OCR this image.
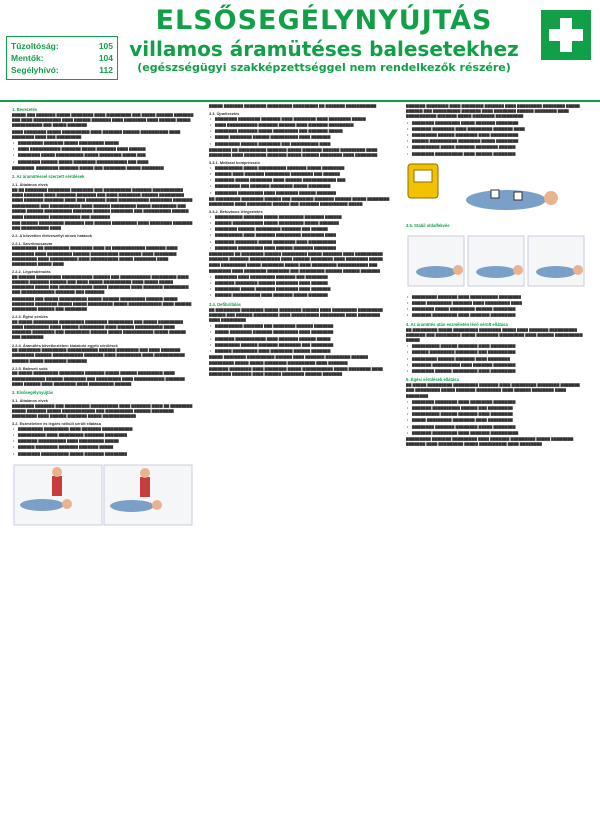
Tűzoltóság:	105
Mentők:	104
Segélyhívó:	112
ELSŐSEGÉLYNYÚJTÁS
villamos áramütéses balesetekhez
(egészségügyi szakképzettséggel nem rendelkezők részére)
1. Bevezetés
▇▇▇▇▇ ▇▇▇ ▇▇▇▇▇▇▇ ▇▇▇▇▇ ▇▇▇▇▇▇▇▇ ▇▇▇▇ ▇▇▇▇▇▇▇▇▇ ▇▇▇ ▇▇▇▇▇ ▇▇▇▇▇▇ ▇▇▇▇▇▇▇ ▇▇▇ ▇▇▇▇ ▇▇▇▇▇▇▇▇▇▇ ▇▇▇▇ ▇▇▇▇▇▇ ▇▇▇▇▇▇▇ ▇▇▇▇ ▇▇▇▇▇▇▇▇ ▇▇▇▇ ▇▇▇▇▇▇ ▇▇▇▇▇ ▇▇▇▇▇▇▇▇▇▇▇ ▇▇▇ ▇▇▇▇▇ ▇▇▇▇▇▇▇
▇▇▇▇ ▇▇▇▇▇▇▇▇ ▇▇▇▇▇ ▇▇▇▇▇▇▇▇▇▇ ▇▇▇▇ ▇▇▇▇▇▇▇ ▇▇▇▇▇▇ ▇▇▇▇▇▇▇▇▇▇ ▇▇▇▇ ▇▇▇▇▇▇▇▇ ▇▇▇▇ ▇▇▇ ▇▇▇▇▇▇▇▇▇
• ▇▇▇▇▇▇▇▇▇ ▇▇▇▇▇▇▇ ▇▇▇▇▇ ▇▇▇▇▇▇▇▇▇ ▇▇▇▇▇
• ▇▇▇▇ ▇▇▇▇▇▇▇▇▇▇▇ ▇▇▇▇▇▇▇ ▇▇▇▇▇ ▇▇▇▇▇▇▇ ▇▇▇▇ ▇▇▇▇▇▇
• ▇▇▇▇▇▇▇▇ ▇▇▇▇▇ ▇▇▇▇▇▇▇▇▇▇ ▇▇▇▇▇ ▇▇▇▇▇▇▇▇ ▇▇▇▇▇ ▇▇▇
• ▇▇▇▇▇▇▇▇ ▇▇▇▇▇▇ ▇▇▇▇▇ ▇▇▇▇▇▇▇▇ ▇▇▇▇▇▇▇▇▇▇▇ ▇▇▇ ▇▇▇▇
▇▇▇▇▇▇▇▇: ▇▇▇▇▇▇▇▇ ▇▇▇▇▇▇▇ ▇▇▇▇▇ ▇▇▇ ▇▇▇▇▇▇▇▇ ▇▇▇▇▇ ▇▇▇▇▇▇▇▇
2. Az áramütéssel szerzett sérülések
2.1. Általános elvek
▇▇ ▇▇ ▇▇▇▇▇▇▇▇ ▇▇▇▇▇▇▇▇ ▇▇▇▇▇▇▇▇ ▇▇▇ ▇▇▇▇▇▇▇▇▇▇ ▇▇▇▇▇▇▇ ▇▇▇▇▇▇▇▇▇▇▇ ▇▇▇▇ ▇▇▇▇▇▇▇ ▇▇▇▇ ▇▇▇▇▇▇▇ ▇▇▇▇▇▇▇ ▇▇▇ ▇▇▇▇ ▇▇▇▇▇▇▇▇ ▇▇▇▇▇▇ ▇▇▇▇▇▇▇▇▇ ▇▇▇▇ ▇▇▇▇▇▇▇ ▇▇▇▇▇▇▇ ▇▇▇▇ ▇▇▇ ▇▇▇▇▇▇▇ ▇▇▇▇ ▇▇▇▇▇▇▇▇▇▇▇ ▇▇▇▇▇▇▇▇ ▇▇▇▇▇▇▇
▇▇▇▇▇▇▇▇▇▇ ▇▇▇ ▇▇▇▇▇▇▇▇▇▇▇ ▇▇▇▇ ▇▇▇▇▇▇ ▇▇▇▇▇▇▇▇▇ ▇▇▇▇▇ ▇▇▇▇▇▇▇▇▇ ▇▇▇ ▇▇▇▇▇ ▇▇▇▇▇▇ ▇▇▇▇▇▇▇▇▇▇ ▇▇▇▇▇▇▇ ▇▇▇▇▇▇ ▇▇▇▇▇▇▇▇ ▇▇▇ ▇▇▇▇▇▇▇▇▇▇ ▇▇▇▇▇▇ ▇▇▇▇ ▇▇▇▇▇▇▇▇▇ ▇▇▇▇▇▇▇▇▇▇▇ ▇▇▇ ▇▇▇▇▇▇▇
▇▇▇ ▇▇▇▇▇▇ ▇▇▇▇▇▇▇▇▇ ▇▇▇▇▇▇▇ ▇▇▇ ▇▇▇▇▇▇ ▇▇▇▇▇▇▇▇▇ ▇▇▇▇ ▇▇▇▇▇▇▇▇ ▇▇▇▇▇▇▇ ▇▇▇ ▇▇▇▇▇▇▇▇▇▇ ▇▇▇▇
2.2. A közvetlen életveszélyt okozó hatások
2.2.1. Szívritmuszavar
▇▇▇▇▇▇▇▇▇ ▇▇ ▇▇▇▇▇▇▇▇▇ ▇▇▇▇▇▇▇▇ ▇▇▇▇ ▇▇ ▇▇▇▇▇▇▇▇▇▇▇▇ ▇▇▇▇▇▇▇ ▇▇▇▇ ▇▇▇▇▇▇▇▇ ▇▇▇▇ ▇▇▇▇▇▇▇▇▇ ▇▇▇▇▇▇ ▇▇▇▇▇▇▇▇▇▇ ▇▇▇▇▇▇▇▇ ▇▇▇▇ ▇▇▇▇▇▇▇▇ ▇▇▇▇▇▇▇▇▇ ▇▇▇▇ ▇▇▇▇▇▇▇▇▇▇ ▇▇▇▇ ▇▇▇▇▇▇▇▇▇▇ ▇▇▇▇▇ ▇▇▇▇▇▇▇▇ ▇▇▇▇ ▇▇▇▇▇▇▇▇▇ ▇▇▇▇▇ ▇▇▇▇
2.2.2. Légzésbénulás
▇▇ ▇▇▇▇▇▇ ▇▇▇▇▇▇▇▇▇ ▇▇▇▇▇▇▇▇▇▇▇ ▇▇▇▇▇▇ ▇▇▇ ▇▇▇▇▇▇▇▇▇▇▇ ▇▇▇▇▇▇▇▇▇ ▇▇▇▇ ▇▇▇▇▇▇ ▇▇▇▇▇▇▇ ▇▇▇▇▇▇ ▇▇▇ ▇▇▇▇ ▇▇▇▇▇ ▇▇▇▇▇▇▇▇▇▇ ▇▇▇▇ ▇▇▇▇▇ ▇▇▇▇▇ ▇▇▇▇▇▇▇▇ ▇▇▇▇▇ ▇▇▇ ▇▇▇▇▇▇▇▇▇▇▇▇ ▇▇▇▇▇ ▇▇▇▇▇▇▇▇ ▇▇▇▇ ▇▇▇▇▇▇▇ ▇▇▇▇▇▇▇▇▇ ▇▇▇ ▇▇▇▇▇▇▇▇▇▇▇▇ ▇▇▇▇▇▇▇ ▇▇▇ ▇▇▇▇▇▇▇
▇▇▇▇▇▇▇▇ ▇▇▇ ▇▇▇▇▇ ▇▇▇▇▇▇▇▇▇▇ ▇▇▇▇▇ ▇▇▇▇▇▇ ▇▇▇▇▇▇▇▇▇ ▇▇▇▇▇▇ ▇▇▇▇▇ ▇▇▇▇▇▇▇▇ ▇▇▇▇▇▇▇▇ ▇▇▇▇▇ ▇▇▇▇▇ ▇▇▇▇▇▇▇▇▇ ▇▇▇▇▇ ▇▇▇▇▇▇▇▇▇▇▇▇ ▇▇▇▇ ▇▇▇▇▇▇ ▇▇▇▇▇▇▇▇▇ ▇▇▇▇▇▇ ▇▇▇ ▇▇▇▇▇▇▇▇
2.2.3. Égési sérülés
▇▇ ▇▇▇▇▇ ▇▇▇▇▇▇▇▇▇ ▇▇▇▇▇▇▇▇▇ ▇▇▇▇▇▇▇▇ ▇▇▇▇▇▇▇▇▇ ▇▇▇ ▇▇▇▇▇ ▇▇▇▇▇▇▇▇▇ ▇▇▇▇ ▇▇▇▇▇▇▇▇▇ ▇▇▇▇ ▇▇▇▇▇▇ ▇▇▇▇▇▇▇▇▇ ▇▇▇▇ ▇▇▇▇▇▇ ▇▇▇▇▇▇▇▇▇▇ ▇▇▇▇ ▇▇▇▇▇▇▇ ▇▇▇▇▇▇▇▇ ▇▇▇ ▇▇▇▇▇▇▇▇▇ ▇▇▇▇▇▇ ▇▇▇▇▇ ▇▇▇▇▇▇▇▇▇▇▇ ▇▇▇▇▇ ▇▇▇▇▇▇ ▇▇▇ ▇▇▇▇▇▇▇▇
2.2.4. Áramütés következtében kialakuló egyéb sérülések
▇▇ ▇▇▇▇▇▇▇▇ ▇▇▇▇▇▇▇▇▇ ▇▇▇▇▇▇▇▇▇▇▇ ▇▇▇▇▇▇ ▇▇▇▇▇▇▇▇ ▇▇▇ ▇▇▇▇ ▇▇▇▇▇▇▇ ▇▇▇▇▇▇▇▇ ▇▇▇▇▇▇ ▇▇▇▇▇▇▇▇▇▇▇ ▇▇▇▇▇▇▇ ▇▇▇▇ ▇▇▇▇▇▇▇▇▇ ▇▇▇▇ ▇▇▇▇▇▇▇▇▇▇▇ ▇▇▇▇▇▇ ▇▇▇▇▇ ▇▇▇▇▇▇▇▇ ▇▇▇▇▇▇▇
2.2.5. Baleseti sokk
▇▇ ▇▇▇▇▇ ▇▇▇▇▇▇▇▇▇ ▇▇▇▇▇▇▇▇▇ ▇▇▇▇▇▇▇ ▇▇▇▇▇ ▇▇▇▇▇▇ ▇▇▇▇▇▇▇▇▇ ▇▇▇▇ ▇▇▇▇▇▇▇▇▇▇▇▇ ▇▇▇▇▇▇ ▇▇▇▇▇▇▇▇ ▇▇▇ ▇▇▇▇▇▇▇▇▇ ▇▇▇▇ ▇▇▇▇▇▇▇▇▇▇▇ ▇▇▇▇▇▇▇ ▇▇▇▇ ▇▇▇▇▇▇ ▇▇▇▇ ▇▇▇▇▇▇▇▇ ▇▇▇▇ ▇▇▇▇▇▇▇▇▇ ▇▇▇▇▇▇
3. Elsősegélynyújtás
3.1. Általános elvek
▇▇▇▇▇▇▇▇ ▇▇▇▇▇▇▇ ▇▇▇ ▇▇▇▇▇▇▇▇▇ ▇▇▇▇▇▇▇▇▇▇ ▇▇▇▇ ▇▇▇▇▇▇▇ ▇▇▇▇ ▇▇ ▇▇▇▇▇▇▇▇ ▇▇▇▇▇ ▇▇▇▇▇▇▇ ▇▇▇▇▇ ▇▇▇▇▇▇▇▇▇▇▇▇ ▇▇▇ ▇▇▇▇▇▇▇▇▇▇ ▇▇▇▇▇▇ ▇▇▇▇▇▇▇▇ ▇▇▇▇▇▇▇▇▇ ▇▇▇▇ ▇▇▇▇▇▇ ▇▇▇▇▇▇▇ ▇▇▇▇▇ ▇▇▇▇▇▇▇▇▇▇▇▇
3.2. Eszméletlen és légzés nélküli sérült ellátása
• ▇▇▇▇▇▇▇▇▇ ▇▇▇▇▇▇▇▇▇ ▇▇▇▇ ▇▇▇▇▇▇▇ ▇▇▇▇▇▇▇▇▇▇▇
• ▇▇▇▇▇▇▇▇▇▇ ▇▇▇▇ ▇▇▇▇▇▇▇▇▇ ▇▇▇▇▇▇▇ ▇▇▇▇▇▇▇▇
• ▇▇▇▇▇▇▇ ▇▇▇▇▇▇▇▇▇▇ ▇▇▇▇ ▇▇▇▇▇▇▇▇▇ ▇▇▇▇▇
• ▇▇▇▇▇▇ ▇▇▇▇▇▇▇▇ ▇▇▇▇▇▇▇ ▇▇▇▇▇▇▇ ▇▇▇▇▇
• ▇▇▇▇▇▇▇▇ ▇▇▇▇▇▇▇▇▇▇ ▇▇▇▇▇ ▇▇▇▇▇▇▇ ▇▇▇▇▇▇▇▇
▇▇▇▇▇ ▇▇▇▇▇▇▇ ▇▇▇▇▇▇▇▇ ▇▇▇▇▇▇▇▇▇ ▇▇▇▇▇▇▇▇▇ ▇▇ ▇▇▇▇▇▇▇ ▇▇▇▇▇▇▇▇▇▇▇
3.3. Újraélesztés
• ▇▇▇▇▇▇▇▇ ▇▇▇▇▇▇▇▇ ▇▇▇▇▇▇▇ ▇▇▇▇ ▇▇▇▇▇▇▇▇ ▇▇▇▇ ▇▇▇▇▇▇▇▇ ▇▇▇▇▇
• ▇▇▇▇ ▇▇▇▇▇▇▇▇▇▇▇ ▇▇▇▇▇▇▇ ▇▇▇▇▇▇ ▇▇▇▇ ▇▇▇▇▇▇▇ ▇▇▇▇▇▇▇▇▇
• ▇▇▇▇▇▇▇▇ ▇▇▇▇▇▇▇ ▇▇▇▇▇ ▇▇▇▇▇▇▇▇▇ ▇▇▇ ▇▇▇▇▇▇▇ ▇▇▇▇▇
• ▇▇▇▇▇ ▇▇▇▇▇▇▇▇ ▇▇▇▇▇▇ ▇▇▇▇▇▇▇▇▇▇ ▇▇▇▇ ▇▇▇▇▇▇▇
• ▇▇▇▇▇▇▇▇▇ ▇▇▇▇▇▇ ▇▇▇▇▇▇▇▇ ▇▇▇ ▇▇▇▇▇▇▇▇▇▇ ▇▇▇▇
▇▇▇▇▇▇▇▇ ▇▇ ▇▇▇▇▇▇▇▇▇▇ ▇▇▇▇▇▇▇ ▇▇▇▇▇ ▇▇▇▇▇▇▇ ▇▇▇▇▇▇ ▇▇▇▇▇▇▇▇▇ ▇▇▇▇ ▇▇▇▇▇▇▇▇ ▇▇▇▇ ▇▇▇▇▇▇▇▇ ▇▇▇▇▇▇▇ ▇▇▇▇▇ ▇▇▇▇▇▇ ▇▇▇▇▇▇▇▇ ▇▇▇▇ ▇▇▇▇▇▇▇▇
3.3.1. Mellkasi kompresszió
• ▇▇▇▇▇▇▇▇▇▇ ▇▇▇▇▇ ▇▇▇▇▇▇▇▇▇▇ ▇▇▇▇▇▇▇ ▇▇▇▇▇ ▇▇▇▇▇▇▇▇
• ▇▇▇▇▇▇ ▇▇▇▇ ▇▇▇▇▇▇▇ ▇▇▇▇▇▇▇▇▇ ▇▇▇▇▇▇▇▇ ▇▇▇ ▇▇▇▇▇▇
• ▇▇▇▇▇▇▇ ▇▇▇▇▇ ▇▇▇▇▇▇▇▇ ▇▇▇▇ ▇▇▇▇▇▇ ▇▇▇▇▇▇▇▇▇▇▇▇ ▇▇▇
• ▇▇▇▇▇▇▇▇▇ ▇▇▇ ▇▇▇▇▇▇▇ ▇▇▇▇▇▇▇▇ ▇▇▇▇▇ ▇▇▇▇▇▇▇▇
• ▇▇▇▇▇▇▇▇ ▇▇▇▇▇▇▇▇▇ ▇▇▇▇ ▇▇▇▇▇▇▇▇ ▇▇▇▇▇▇ ▇▇▇▇▇▇▇
▇▇ ▇▇▇▇▇▇▇▇▇ ▇▇▇▇▇▇▇▇ ▇▇▇▇▇▇ ▇▇▇ ▇▇▇▇▇▇▇▇ ▇▇▇▇▇▇▇ ▇▇▇▇▇▇ ▇▇▇▇▇ ▇▇▇▇▇▇▇▇ ▇▇▇▇▇▇▇▇▇ ▇▇▇▇ ▇▇▇▇▇▇▇▇▇ ▇▇▇▇▇▇ ▇▇▇ ▇▇▇▇▇▇▇ ▇▇▇▇▇▇▇▇▇▇ ▇▇▇▇▇
3.3.2. Befúvásos lélegeztetés
• ▇▇▇▇▇▇▇▇▇▇ ▇▇▇▇▇▇▇ ▇▇▇▇▇ ▇▇▇▇▇▇▇▇▇ ▇▇▇▇▇▇▇ ▇▇▇▇▇▇
• ▇▇▇▇▇▇ ▇▇▇▇▇▇▇▇▇▇▇ ▇▇▇▇▇ ▇▇▇▇▇▇▇▇▇ ▇▇▇▇▇ ▇▇▇▇▇▇▇
• ▇▇▇▇▇▇▇▇ ▇▇▇▇▇▇ ▇▇▇▇▇▇▇▇▇ ▇▇▇▇▇▇▇ ▇▇▇ ▇▇▇▇▇▇
• ▇▇▇▇▇▇▇▇▇▇ ▇▇▇▇ ▇▇▇▇▇▇▇ ▇▇▇▇▇▇▇▇▇ ▇▇▇▇▇▇▇▇ ▇▇▇▇
• ▇▇▇▇▇▇▇ ▇▇▇▇▇▇▇▇ ▇▇▇▇▇ ▇▇▇▇▇▇▇▇ ▇▇▇▇ ▇▇▇▇▇▇▇▇▇▇
• ▇▇▇▇▇▇▇▇ ▇▇▇▇▇▇▇▇▇ ▇▇▇▇ ▇▇▇▇▇▇ ▇▇▇▇▇▇▇ ▇▇▇▇▇▇▇▇
▇▇▇▇▇▇▇▇▇ ▇▇ ▇▇▇▇▇▇▇▇ ▇▇▇▇▇▇ ▇▇▇▇▇▇▇▇▇ ▇▇▇▇▇ ▇▇▇▇▇▇▇ ▇▇▇▇ ▇▇▇▇▇▇▇▇▇▇ ▇▇▇▇▇▇▇ ▇▇▇▇▇▇▇ ▇▇▇▇▇▇▇▇▇▇▇ ▇▇▇▇ ▇▇▇▇▇▇ ▇▇▇▇▇▇▇▇ ▇▇▇▇ ▇▇▇▇▇▇▇▇ ▇▇▇▇▇
▇▇▇▇ ▇▇▇▇▇▇▇▇▇ ▇▇▇▇▇ ▇▇▇▇▇▇▇▇ ▇▇▇▇▇ ▇▇▇▇ ▇▇▇▇▇▇▇▇▇ ▇▇▇▇▇▇▇▇▇▇▇ ▇▇▇ ▇▇▇▇▇▇▇▇ ▇▇▇▇ ▇▇▇▇▇▇▇▇ ▇▇▇▇▇▇▇▇ ▇▇▇ ▇▇▇▇▇▇▇▇▇ ▇▇▇▇▇▇ ▇▇▇▇▇▇ ▇▇▇▇▇▇▇
• ▇▇▇▇▇▇▇▇ ▇▇▇▇ ▇▇▇▇▇▇▇▇▇ ▇▇▇▇▇▇▇ ▇▇▇ ▇▇▇▇▇▇▇▇
• ▇▇▇▇▇▇▇ ▇▇▇▇▇▇▇▇ ▇▇▇▇▇▇ ▇▇▇▇▇▇▇▇ ▇▇▇▇ ▇▇▇▇▇▇
• ▇▇▇▇▇▇▇▇▇ ▇▇▇▇▇ ▇▇▇▇▇▇▇ ▇▇▇▇▇▇▇▇ ▇▇▇▇ ▇▇▇▇▇▇▇
• ▇▇▇▇▇▇ ▇▇▇▇▇▇▇▇▇▇ ▇▇▇▇ ▇▇▇▇▇▇▇ ▇▇▇▇▇ ▇▇▇▇▇▇▇
3.4. Defibrillálás
▇▇ ▇▇▇▇▇▇▇▇▇ ▇▇▇▇▇▇▇▇ ▇▇▇▇▇ ▇▇▇▇▇▇▇▇ ▇▇▇▇▇▇ ▇▇▇▇ ▇▇▇▇▇▇▇▇▇ ▇▇▇▇▇▇▇▇▇ ▇▇▇▇▇▇ ▇▇▇ ▇▇▇▇▇▇ ▇▇▇▇▇▇▇▇▇ ▇▇▇▇ ▇▇▇▇▇▇▇▇▇▇ ▇▇▇▇▇▇▇▇▇ ▇▇▇▇ ▇▇▇▇▇▇▇▇ ▇▇▇▇ ▇▇▇▇▇▇▇▇▇
• ▇▇▇▇▇▇▇▇▇▇ ▇▇▇▇▇▇▇ ▇▇▇ ▇▇▇▇▇▇▇▇ ▇▇▇▇▇▇ ▇▇▇▇▇▇▇
• ▇▇▇▇▇ ▇▇▇▇▇▇▇▇ ▇▇▇▇▇▇▇ ▇▇▇▇▇▇▇▇▇ ▇▇▇▇ ▇▇▇▇▇▇▇▇
• ▇▇▇▇▇▇▇ ▇▇▇▇▇▇▇▇▇▇▇ ▇▇▇▇ ▇▇▇▇▇▇▇ ▇▇▇▇▇▇ ▇▇▇▇▇
• ▇▇▇▇▇▇▇▇▇ ▇▇▇▇▇▇ ▇▇▇▇▇▇▇ ▇▇▇▇▇▇▇▇ ▇▇▇ ▇▇▇▇▇▇▇▇
• ▇▇▇▇▇▇ ▇▇▇▇▇▇▇▇▇ ▇▇▇▇ ▇▇▇▇▇▇▇▇ ▇▇▇▇▇▇ ▇▇▇▇▇▇▇
▇▇▇▇▇ ▇▇▇▇▇▇▇▇ ▇▇▇▇▇▇▇▇▇▇ ▇▇▇▇▇▇ ▇▇▇▇ ▇▇▇▇▇▇▇ ▇▇▇▇▇▇▇▇▇ ▇▇▇▇▇▇ ▇▇▇▇▇▇▇▇▇ ▇▇▇▇▇ ▇▇▇▇▇ ▇▇▇▇▇▇▇▇ ▇▇▇▇▇▇▇▇▇▇ ▇▇▇▇ ▇▇▇▇▇▇▇
▇▇▇▇▇▇▇ ▇▇▇▇▇▇▇▇ ▇▇▇▇ ▇▇▇▇▇▇▇▇ ▇▇▇▇▇ ▇▇▇▇▇▇▇▇▇▇▇ ▇▇▇▇▇ ▇▇▇▇▇▇▇▇ ▇▇▇▇ ▇▇▇▇▇▇▇▇ ▇▇▇▇▇▇▇ ▇▇▇▇ ▇▇▇▇▇▇ ▇▇▇▇▇▇▇▇ ▇▇▇▇▇▇ ▇▇▇▇▇▇▇
▇▇▇▇▇▇▇ ▇▇▇▇▇▇▇▇ ▇▇▇▇ ▇▇▇▇▇▇▇▇ ▇▇▇▇▇▇▇ ▇▇▇▇ ▇▇▇▇▇▇▇▇▇ ▇▇▇▇▇▇▇▇ ▇▇▇▇▇ ▇▇▇▇▇▇ ▇▇▇ ▇▇▇▇▇▇▇▇▇▇ ▇▇▇▇▇▇▇ ▇▇▇▇ ▇▇▇▇▇▇▇▇ ▇▇▇▇▇▇ ▇▇▇▇▇▇▇▇ ▇▇▇▇ ▇▇▇▇▇▇▇▇▇▇▇ ▇▇▇▇▇▇▇ ▇▇▇▇▇ ▇▇▇▇▇▇▇▇ ▇▇▇▇▇▇▇▇▇▇
• ▇▇▇▇▇▇▇▇ ▇▇▇▇▇▇▇▇▇ ▇▇▇▇▇ ▇▇▇▇▇▇▇ ▇▇▇▇▇▇▇▇
• ▇▇▇▇▇▇▇ ▇▇▇▇▇▇▇▇ ▇▇▇▇ ▇▇▇▇▇▇▇▇▇ ▇▇▇▇▇▇▇ ▇▇▇▇
• ▇▇▇▇▇▇▇▇▇ ▇▇▇▇▇▇ ▇▇▇▇▇▇▇▇ ▇▇▇▇ ▇▇▇▇▇▇▇▇▇▇
• ▇▇▇▇▇▇ ▇▇▇▇▇▇▇▇▇▇ ▇▇▇▇▇▇▇▇ ▇▇▇▇▇ ▇▇▇▇▇▇▇▇
• ▇▇▇▇▇▇▇▇▇▇ ▇▇▇▇▇ ▇▇▇▇▇▇▇ ▇▇▇▇▇▇▇▇ ▇▇▇▇▇▇
• ▇▇▇▇▇▇▇▇ ▇▇▇▇▇▇▇▇▇▇ ▇▇▇▇ ▇▇▇▇▇▇ ▇▇▇▇▇▇▇▇
3.5. Stabil oldalfekvés
• ▇▇▇▇▇▇▇▇▇ ▇▇▇▇▇▇▇ ▇▇▇▇ ▇▇▇▇▇▇▇▇▇▇ ▇▇▇▇▇▇▇▇
• ▇▇▇▇▇ ▇▇▇▇▇▇▇▇▇ ▇▇▇▇▇▇▇ ▇▇▇▇ ▇▇▇▇▇▇▇▇▇ ▇▇▇▇
• ▇▇▇▇▇▇▇▇ ▇▇▇▇▇ ▇▇▇▇▇▇▇▇▇ ▇▇▇▇▇▇ ▇▇▇▇▇▇▇▇
• ▇▇▇▇▇▇▇ ▇▇▇▇▇▇▇▇▇ ▇▇▇▇ ▇▇▇▇▇▇▇ ▇▇▇▇▇▇▇▇▇
4. Az áramütés után eszméletén lévő sérült ellátása
▇▇ ▇▇▇▇▇▇▇▇▇ ▇▇▇▇▇ ▇▇▇▇▇▇▇▇▇ ▇▇▇▇▇▇▇▇ ▇▇▇▇▇ ▇▇▇▇ ▇▇▇▇▇▇▇ ▇▇▇▇▇▇▇▇▇▇ ▇▇▇▇▇▇▇ ▇▇▇ ▇▇▇▇▇▇▇▇▇ ▇▇▇▇▇ ▇▇▇▇▇▇▇▇ ▇▇▇▇▇▇▇▇▇ ▇▇▇▇ ▇▇▇▇▇▇ ▇▇▇▇▇▇▇▇▇▇ ▇▇▇▇▇
• ▇▇▇▇▇▇▇▇▇▇ ▇▇▇▇▇▇ ▇▇▇▇▇▇▇ ▇▇▇▇ ▇▇▇▇▇▇▇▇▇
• ▇▇▇▇▇▇ ▇▇▇▇▇▇▇▇▇ ▇▇▇▇▇▇▇▇ ▇▇▇ ▇▇▇▇▇▇▇▇▇▇
• ▇▇▇▇▇▇▇▇▇ ▇▇▇▇▇▇ ▇▇▇▇▇▇▇ ▇▇▇▇ ▇▇▇▇▇▇▇▇
• ▇▇▇▇▇▇▇ ▇▇▇▇▇▇▇▇▇▇ ▇▇▇▇ ▇▇▇▇▇▇▇ ▇▇▇▇▇▇▇▇
• ▇▇▇▇▇▇▇▇ ▇▇▇▇▇▇ ▇▇▇▇▇▇▇▇▇ ▇▇▇▇ ▇▇▇▇▇▇▇▇▇
5. Égési sérülések ellátása
▇▇ ▇▇▇▇▇ ▇▇▇▇▇▇▇▇▇ ▇▇▇▇▇▇▇▇▇ ▇▇▇▇▇▇▇ ▇▇▇▇ ▇▇▇▇▇▇▇▇▇ ▇▇▇▇▇▇▇▇ ▇▇▇▇▇▇▇ ▇▇▇ ▇▇▇▇▇▇▇▇▇ ▇▇▇▇▇ ▇▇▇▇▇▇▇ ▇▇▇▇▇▇▇▇▇ ▇▇▇▇ ▇▇▇▇▇▇ ▇▇▇▇▇▇▇▇ ▇▇▇▇ ▇▇▇▇▇▇▇▇
• ▇▇▇▇▇▇▇▇ ▇▇▇▇▇▇▇▇ ▇▇▇▇ ▇▇▇▇▇▇▇▇ ▇▇▇▇▇▇▇▇
• ▇▇▇▇▇▇▇ ▇▇▇▇▇▇▇▇▇▇ ▇▇▇▇▇▇ ▇▇▇ ▇▇▇▇▇▇▇▇▇
• ▇▇▇▇▇▇▇▇▇▇ ▇▇▇▇▇▇ ▇▇▇▇▇▇▇ ▇▇▇▇ ▇▇▇▇▇▇▇▇
• ▇▇▇▇▇ ▇▇▇▇▇▇▇▇▇ ▇▇▇▇▇▇▇▇ ▇▇▇▇ ▇▇▇▇▇▇▇▇▇
• ▇▇▇▇▇▇▇▇ ▇▇▇▇▇▇▇ ▇▇▇▇▇▇▇▇ ▇▇▇▇▇ ▇▇▇▇▇▇▇▇
• ▇▇▇▇▇▇▇ ▇▇▇▇▇▇▇▇▇ ▇▇▇▇ ▇▇▇▇▇▇▇ ▇▇▇▇▇▇▇▇▇▇
▇▇▇▇▇▇▇▇▇ ▇▇▇▇▇▇▇ ▇▇▇▇▇▇▇▇▇ ▇▇▇▇ ▇▇▇▇▇▇▇ ▇▇▇▇▇▇▇▇▇ ▇▇▇▇▇ ▇▇▇▇▇▇▇▇ ▇▇▇▇▇▇▇ ▇▇▇▇ ▇▇▇▇▇▇▇▇▇ ▇▇▇▇▇ ▇▇▇▇▇▇▇▇▇▇ ▇▇▇▇ ▇▇▇▇▇▇▇▇
